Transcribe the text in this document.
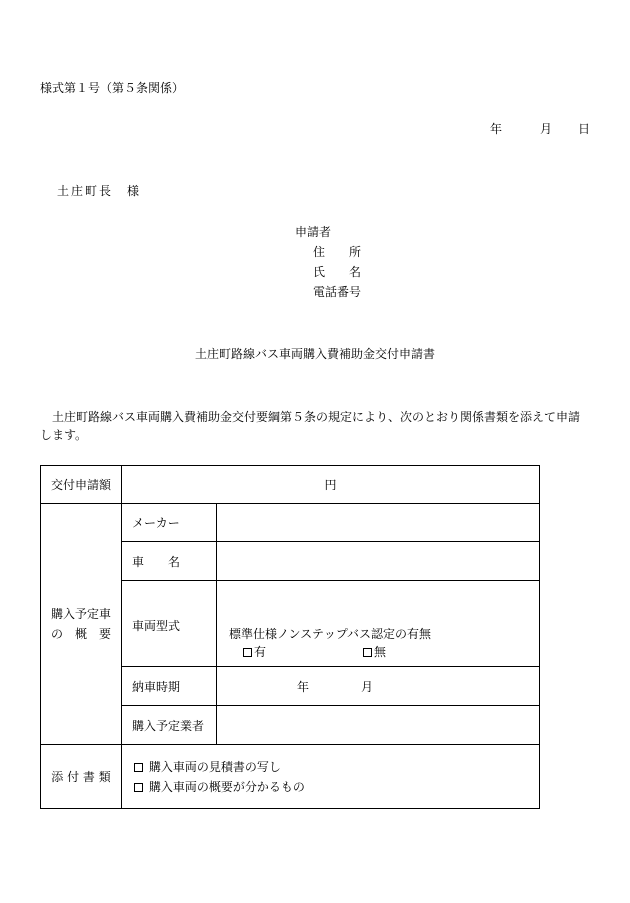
様式第１号（第５条関係）
年	月 日
土庄町長　様
申請者
住　　所
氏　　名
電話番号
土庄町路線バス車両購入費補助金交付申請書
土庄町路線バス車両購入費補助金交付要綱第５条の規定により、次のとおり関係書類を添えて申請します。
交付申請額	円	

購入予定車
の　概　要	メーカー	
	車　　名	
	車両型式	標準仕様ノンステップバス認定の有無
有 無

	納車時期	年 月
	購入予定業者	
添 付 書 類	購入車両の見積書の写し
購入車両の概要が分かるもの	
